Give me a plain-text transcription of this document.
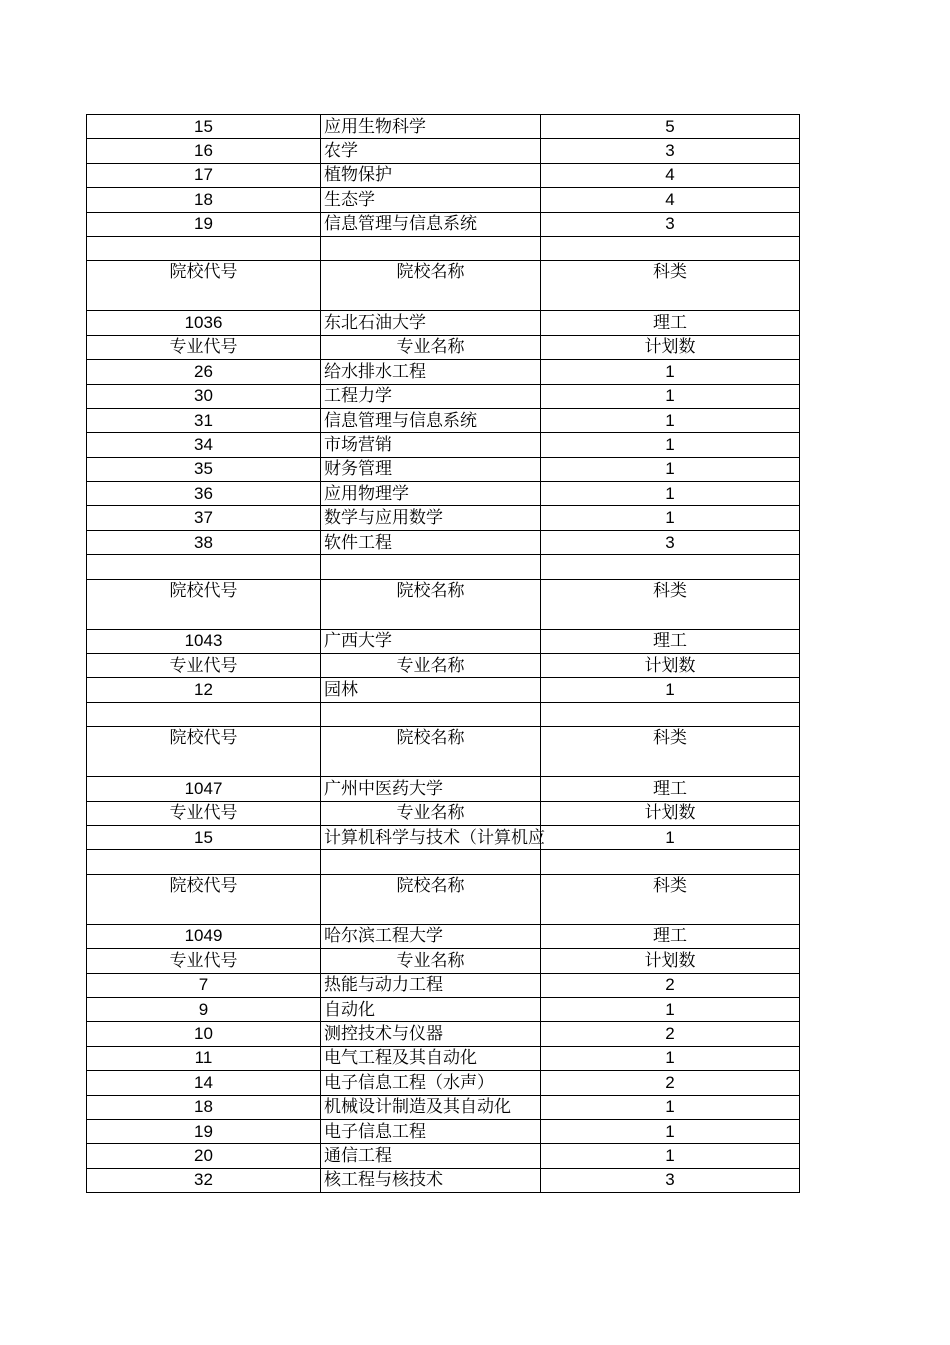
15	应用生物科学	5
16	农学	3
17	植物保护	4
18	生态学	4
19	信息管理与信息系统	3

院校代号	院校名称	科类
1036	东北石油大学	理工
专业代号	专业名称	计划数
26	给水排水工程	1
30	工程力学	1
31	信息管理与信息系统	1
34	市场营销	1
35	财务管理	1
36	应用物理学	1
37	数学与应用数学	1
38	软件工程	3

院校代号	院校名称	科类
1043	广西大学	理工
专业代号	专业名称	计划数
12	园林	1

院校代号	院校名称	科类
1047	广州中医药大学	理工
专业代号	专业名称	计划数
15	计算机科学与技术（计算机应	1

院校代号	院校名称	科类
1049	哈尔滨工程大学	理工
专业代号	专业名称	计划数
7	热能与动力工程	2
9	自动化	1
10	测控技术与仪器	2
11	电气工程及其自动化	1
14	电子信息工程（水声）	2
18	机械设计制造及其自动化	1
19	电子信息工程	1
20	通信工程	1
32	核工程与核技术	3
